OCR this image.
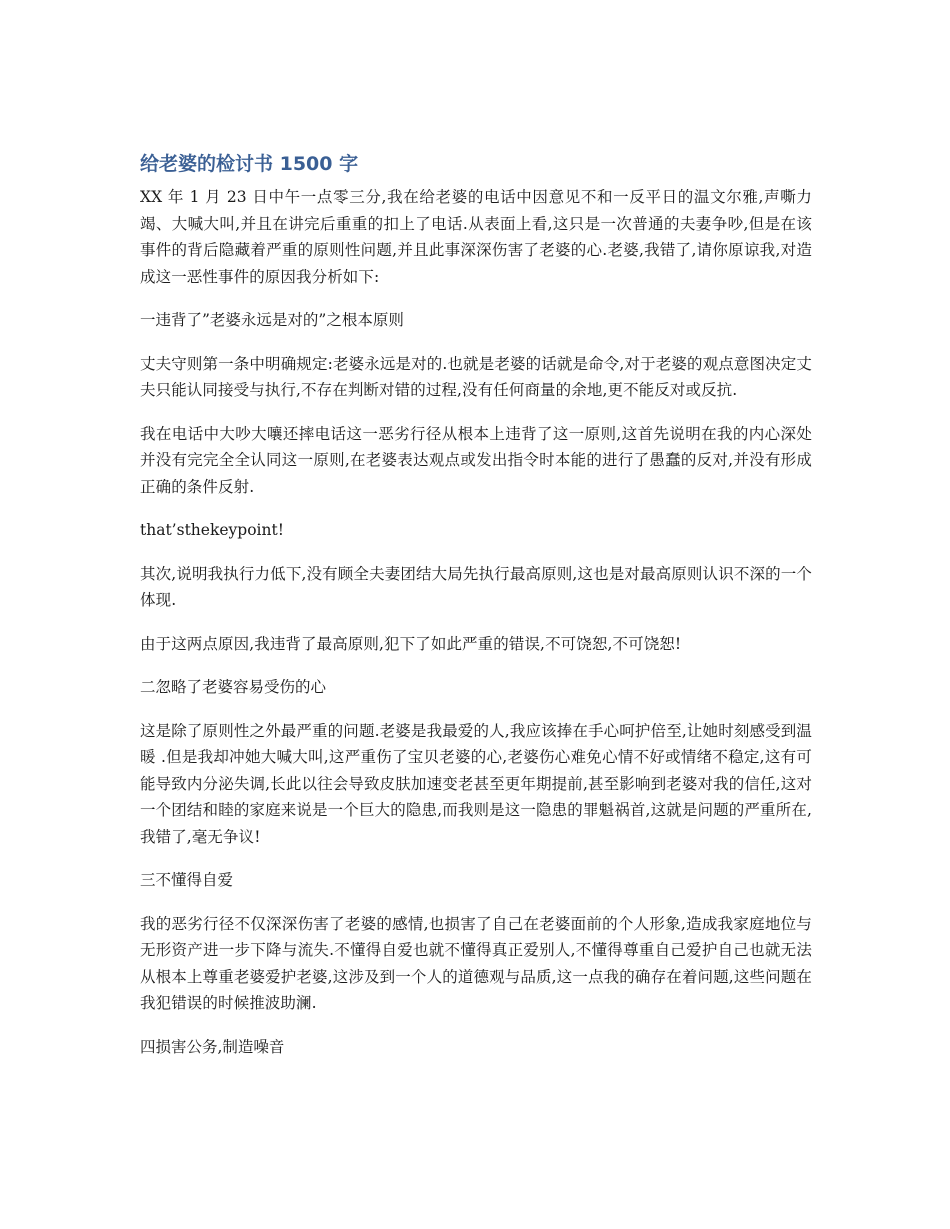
给老婆的检讨书 1500 字

XX 年 1 月 23 日中午一点零三分,我在给老婆的电话中因意见不和一反平日的温文尔雅,声嘶力竭、大喊大叫,并且在讲完后重重的扣上了电话.从表面上看,这只是一次普通的夫妻争吵,但是在该事件的背后隐藏着严重的原则性问题,并且此事深深伤害了老婆的心.老婆,我错了,请你原谅我,对造成这一恶性事件的原因我分析如下:

一违背了”老婆永远是对的”之根本原则

丈夫守则第一条中明确规定:老婆永远是对的.也就是老婆的话就是命令,对于老婆的观点意图决定丈夫只能认同接受与执行,不存在判断对错的过程,没有任何商量的余地,更不能反对或反抗.

我在电话中大吵大嚷还摔电话这一恶劣行径从根本上违背了这一原则,这首先说明在我的内心深处并没有完完全全认同这一原则,在老婆表达观点或发出指令时本能的进行了愚蠢的反对,并没有形成正确的条件反射.

that’sthekeypoint!

其次,说明我执行力低下,没有顾全夫妻团结大局先执行最高原则,这也是对最高原则认识不深的一个体现.

由于这两点原因,我违背了最高原则,犯下了如此严重的错误,不可饶恕,不可饶恕!

二忽略了老婆容易受伤的心

这是除了原则性之外最严重的问题.老婆是我最爱的人,我应该捧在手心呵护倍至,让她时刻感受到温暖 .但是我却冲她大喊大叫,这严重伤了宝贝老婆的心,老婆伤心难免心情不好或情绪不稳定,这有可能导致内分泌失调,长此以往会导致皮肤加速变老甚至更年期提前,甚至影响到老婆对我的信任,这对一个团结和睦的家庭来说是一个巨大的隐患,而我则是这一隐患的罪魁祸首,这就是问题的严重所在,我错了,毫无争议!

三不懂得自爱

我的恶劣行径不仅深深伤害了老婆的感情,也损害了自己在老婆面前的个人形象,造成我家庭地位与无形资产进一步下降与流失.不懂得自爱也就不懂得真正爱别人,不懂得尊重自己爱护自己也就无法从根本上尊重老婆爱护老婆,这涉及到一个人的道德观与品质,这一点我的确存在着问题,这些问题在我犯错误的时候推波助澜.

四损害公务,制造噪音
